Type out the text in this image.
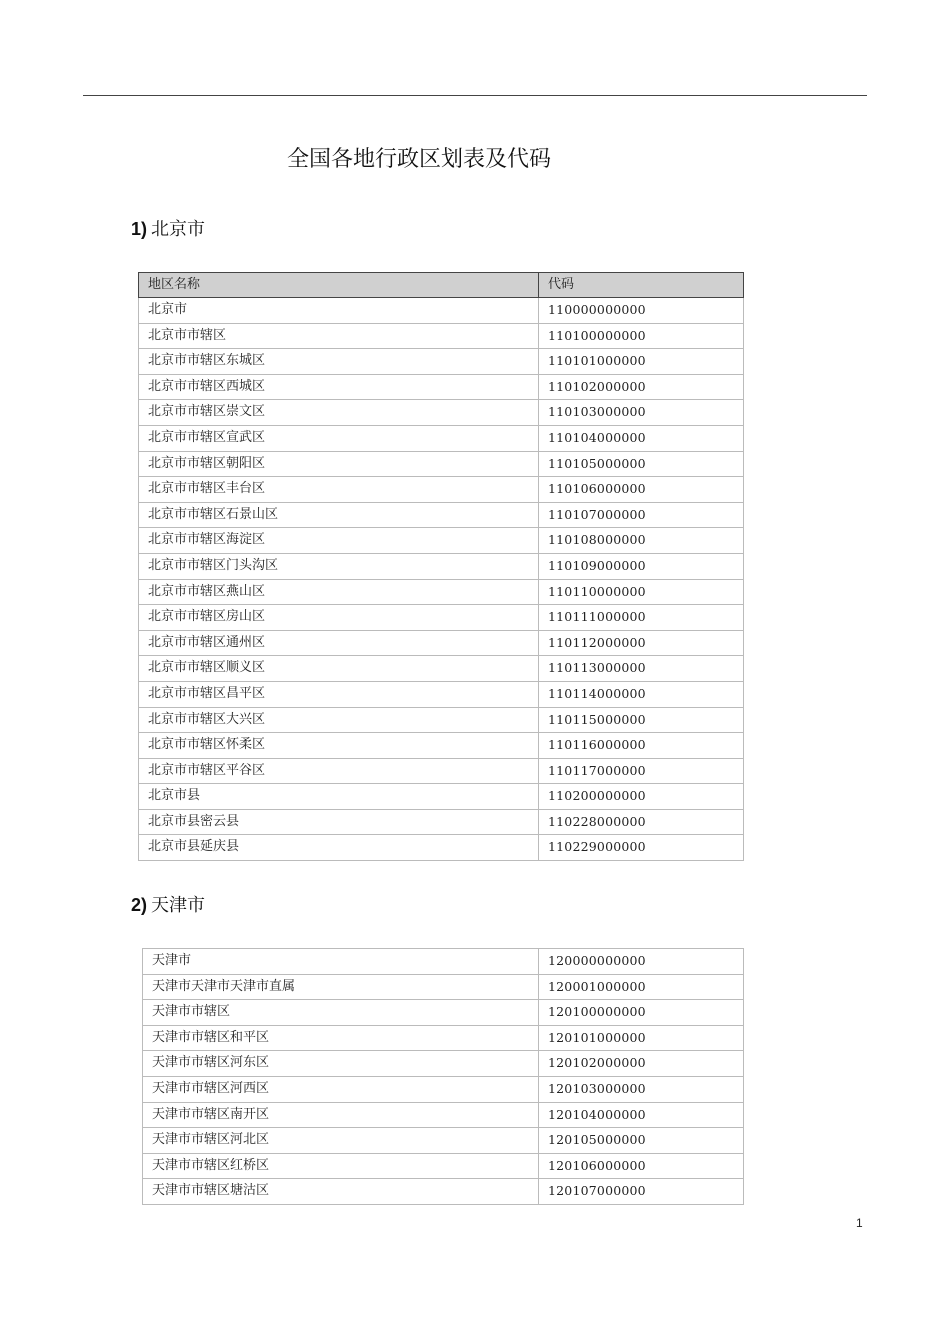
全国各地行政区划表及代码
1) 北京市
地区名称	代码
北京市	110000000000
北京市市辖区	110100000000
北京市市辖区东城区	110101000000
北京市市辖区西城区	110102000000
北京市市辖区崇文区	110103000000
北京市市辖区宣武区	110104000000
北京市市辖区朝阳区	110105000000
北京市市辖区丰台区	110106000000
北京市市辖区石景山区	110107000000
北京市市辖区海淀区	110108000000
北京市市辖区门头沟区	110109000000
北京市市辖区燕山区	110110000000
北京市市辖区房山区	110111000000
北京市市辖区通州区	110112000000
北京市市辖区顺义区	110113000000
北京市市辖区昌平区	110114000000
北京市市辖区大兴区	110115000000
北京市市辖区怀柔区	110116000000
北京市市辖区平谷区	110117000000
北京市县	110200000000
北京市县密云县	110228000000
北京市县延庆县	110229000000
2) 天津市
天津市	120000000000
天津市天津市天津市直属	120001000000
天津市市辖区	120100000000
天津市市辖区和平区	120101000000
天津市市辖区河东区	120102000000
天津市市辖区河西区	120103000000
天津市市辖区南开区	120104000000
天津市市辖区河北区	120105000000
天津市市辖区红桥区	120106000000
天津市市辖区塘沽区	120107000000
1
